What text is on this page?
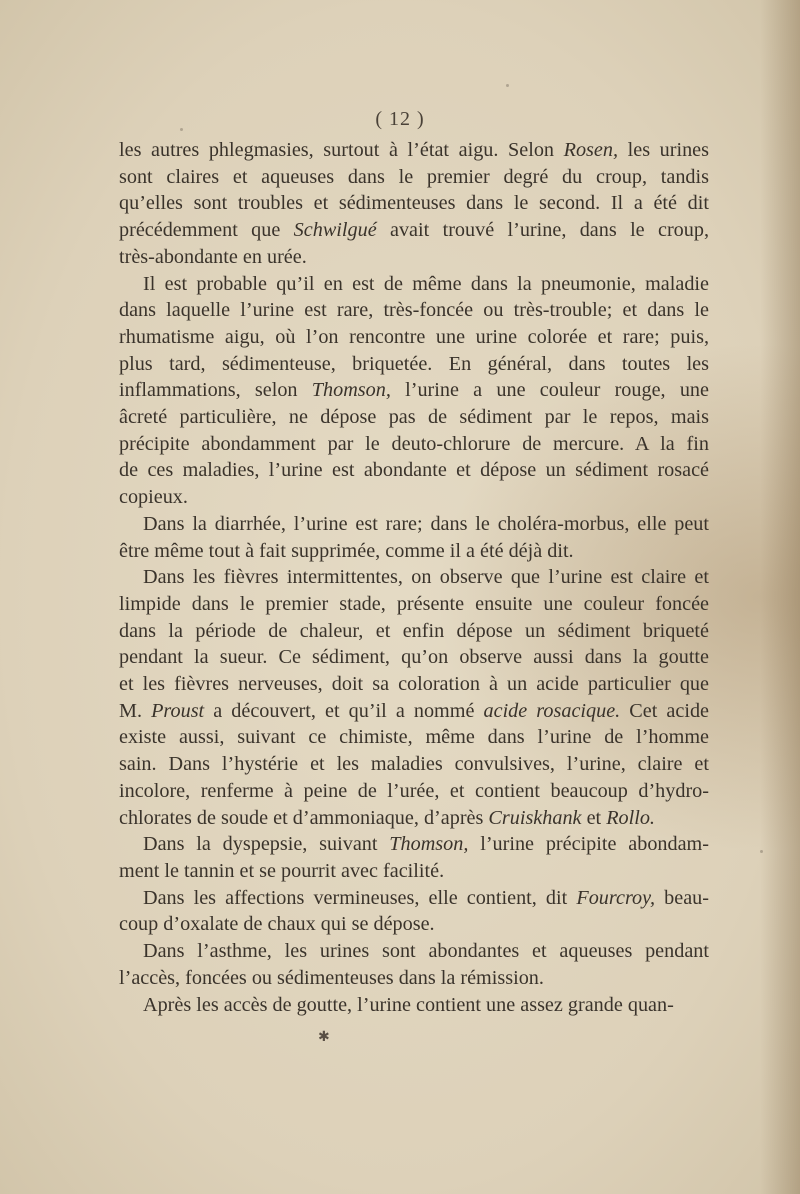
( 12 )
les autres phlegmasies, surtout à l’état aigu. Selon Rosen, les urines
sont claires et aqueuses dans le premier degré du croup, tandis
qu’elles sont troubles et sédimenteuses dans le second. Il a été dit
précédemment que Schwilgué avait trouvé l’urine, dans le croup,
très-abondante en urée.
Il est probable qu’il en est de même dans la pneumonie, maladie
dans laquelle l’urine est rare, très-foncée ou très-trouble; et dans le
rhumatisme aigu, où l’on rencontre une urine colorée et rare; puis,
plus tard, sédimenteuse, briquetée. En général, dans toutes les
inflammations, selon Thomson, l’urine a une couleur rouge, une
âcreté particulière, ne dépose pas de sédiment par le repos, mais
précipite abondamment par le deuto-chlorure de mercure. A la fin
de ces maladies, l’urine est abondante et dépose un sédiment rosacé
copieux.
Dans la diarrhée, l’urine est rare; dans le choléra-morbus, elle peut
être même tout à fait supprimée, comme il a été déjà dit.
Dans les fièvres intermittentes, on observe que l’urine est claire et
limpide dans le premier stade, présente ensuite une couleur foncée
dans la période de chaleur, et enfin dépose un sédiment briqueté
pendant la sueur. Ce sédiment, qu’on observe aussi dans la goutte
et les fièvres nerveuses, doit sa coloration à un acide particulier que
M. Proust a découvert, et qu’il a nommé acide rosacique. Cet acide
existe aussi, suivant ce chimiste, même dans l’urine de l’homme
sain. Dans l’hystérie et les maladies convulsives, l’urine, claire et
incolore, renferme à peine de l’urée, et contient beaucoup d’hydro-
chlorates de soude et d’ammoniaque, d’après Cruiskhank et Rollo.
Dans la dyspepsie, suivant Thomson, l’urine précipite abondam-
ment le tannin et se pourrit avec facilité.
Dans les affections vermineuses, elle contient, dit Fourcroy, beau-
coup d’oxalate de chaux qui se dépose.
Dans l’asthme, les urines sont abondantes et aqueuses pendant
l’accès, foncées ou sédimenteuses dans la rémission.
Après les accès de goutte, l’urine contient une assez grande quan-
✱
